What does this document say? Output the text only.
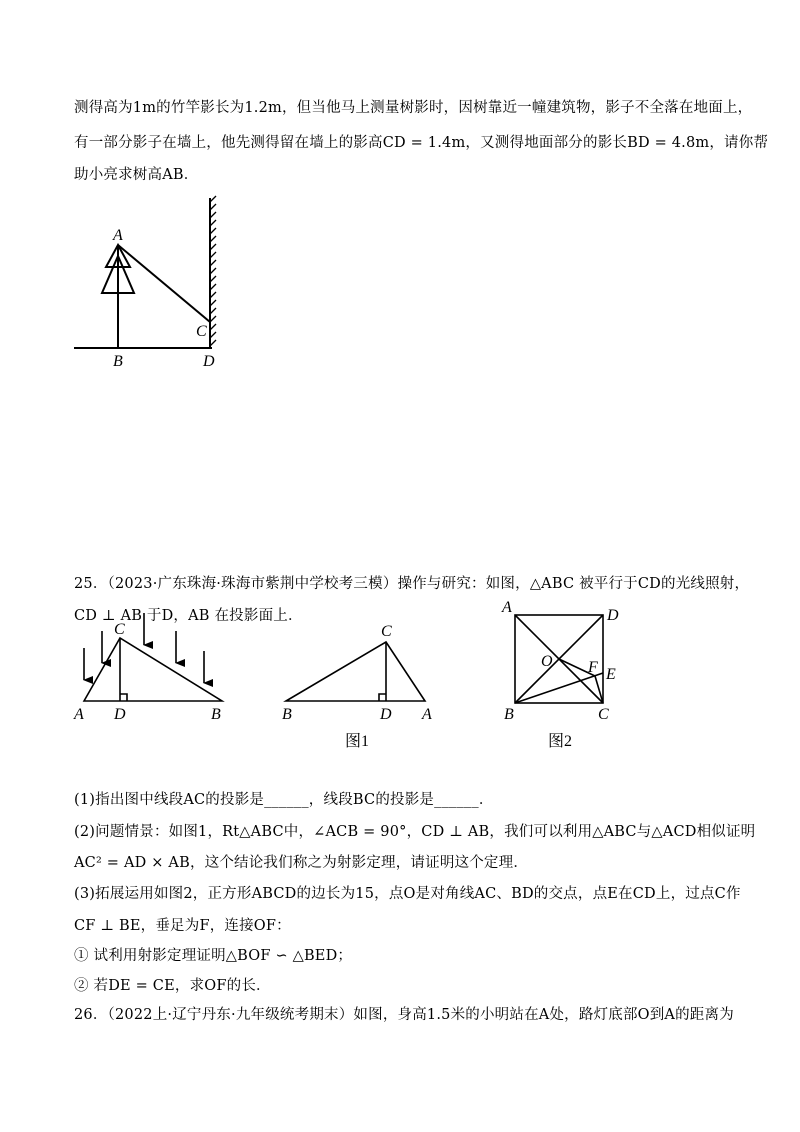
测得高为1m的竹竿影长为1.2m，但当他马上测量树影时，因树靠近一幢建筑物，影子不全落在地面上，
有一部分影子在墙上，他先测得留在墙上的影高CD = 1.4m，又测得地面部分的影长BD = 4.8m，请你帮
助小亮求树高AB．
A
C
B	D
25．（2023·广东珠海·珠海市紫荆中学校考三模）操作与研究：如图，△ABC 被平行于CD的光线照射，
CD ⊥ AB 于D，AB 在投影面上．
C
A D	B
C
B	D A
图1
A	D
O F E
B	C
图2
(1)指出图中线段AC的投影是______，线段BC的投影是______．
(2)问题情景：如图1，Rt△ABC中，∠ACB = 90°，CD ⊥ AB，我们可以利用△ABC与△ACD相似证明
AC² = AD × AB，这个结论我们称之为射影定理，请证明这个定理．
(3)拓展运用如图2，正方形ABCD的边长为15，点O是对角线AC、BD的交点，点E在CD上，过点C作
CF ⊥ BE，垂足为F，连接OF：
① 试利用射影定理证明△BOF ∽ △BED；
② 若DE = CE，求OF的长．
26．（2022上·辽宁丹东·九年级统考期末）如图，身高1.5米的小明站在A处，路灯底部O到A的距离为
